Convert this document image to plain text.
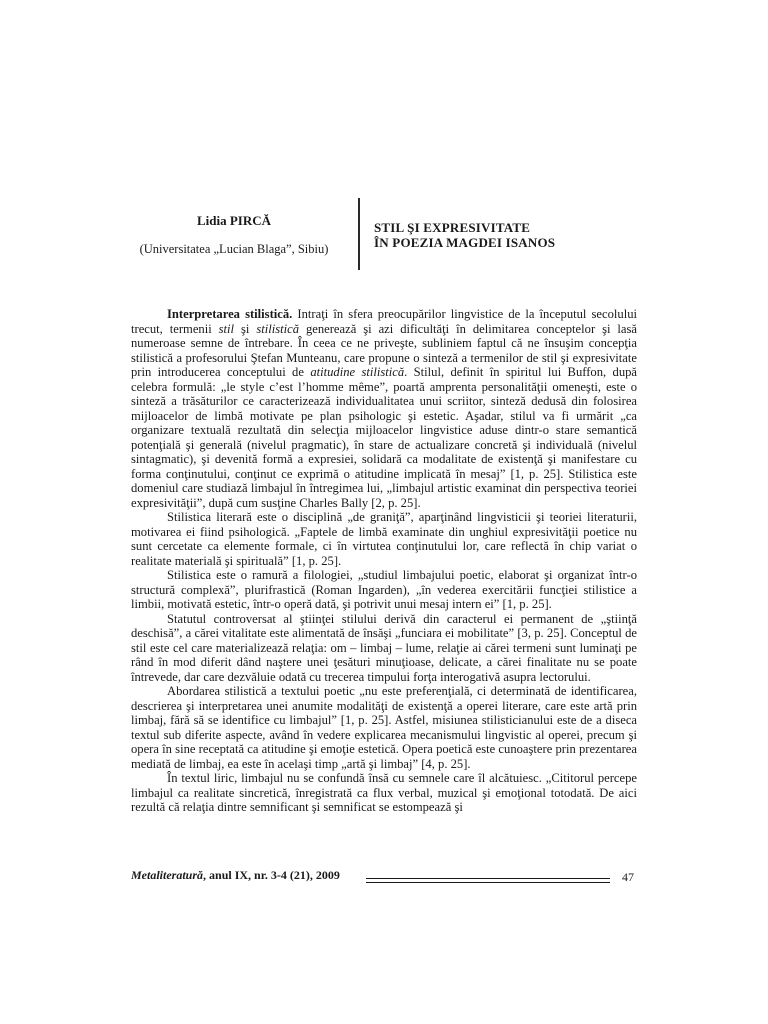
Lidia PIRCĂ
(Universitatea „Lucian Blaga”, Sibiu)
STIL ŞI EXPRESIVITATE
ÎN POEZIA MAGDEI ISANOS

Interpretarea stilistică. Intraţi în sfera preocupărilor lingvistice de la începutul secolului trecut, termenii stil şi stilistică generează şi azi dificultăţi în delimitarea conceptelor şi lasă numeroase semne de întrebare. În ceea ce ne priveşte, subliniem faptul că ne însuşim concepţia stilistică a profesorului Ştefan Munteanu, care propune o sinteză a termenilor de stil şi expresivitate prin introducerea conceptului de atitudine stilistică. Stilul, definit în spiritul lui Buffon, după celebra formulă: „le style c’est l’homme même”, poartă amprenta personalităţii omeneşti, este o sinteză a trăsăturilor ce caracterizează individualitatea unui scriitor, sinteză dedusă din folosirea mijloacelor de limbă motivate pe plan psihologic şi estetic. Aşadar, stilul va fi urmărit „ca organizare textuală rezultată din selecţia mijloacelor lingvistice aduse dintr-o stare semantică potenţială şi generală (nivelul pragmatic), în stare de actualizare concretă şi individuală (nivelul sintagmatic), şi devenită formă a expresiei, solidară ca modalitate de existenţă şi manifestare cu forma conţinutului, conţinut ce exprimă o atitudine implicată în mesaj” [1, p. 25]. Stilistica este domeniul care studiază limbajul în întregimea lui, „limbajul artistic examinat din perspectiva teoriei expresivităţii”, după cum susţine Charles Bally [2, p. 25].

Stilistica literară este o disciplină „de graniţă”, aparţinând lingvisticii şi teoriei literaturii, motivarea ei fiind psihologică. „Faptele de limbă examinate din unghiul expresivităţii poetice nu sunt cercetate ca elemente formale, ci în virtutea conţinutului lor, care reflectă în chip variat o realitate materială şi spirituală” [1, p. 25].

Stilistica este o ramură a filologiei, „studiul limbajului poetic, elaborat şi organizat într-o structură complexă”, plurifrastică (Roman Ingarden), „în vederea exercitării funcţiei stilistice a limbii, motivată estetic, într-o operă dată, şi potrivit unui mesaj intern ei” [1, p. 25].

Statutul controversat al ştiinţei stilului derivă din caracterul ei permanent de „ştiinţă deschisă”, a cărei vitalitate este alimentată de însăşi „funciara ei mobilitate” [3, p. 25]. Conceptul de stil este cel care materializează relaţia: om – limbaj – lume, relaţie ai cărei termeni sunt luminaţi pe rând în mod diferit dând naştere unei ţesături minuţioase, delicate, a cărei finalitate nu se poate întrevede, dar care dezvăluie odată cu trecerea timpului forţa interogativă asupra lectorului.

Abordarea stilistică a textului poetic „nu este preferenţială, ci determinată de identificarea, descrierea şi interpretarea unei anumite modalităţi de existenţă a operei literare, care este artă prin limbaj, fără să se identifice cu limbajul” [1, p. 25]. Astfel, misiunea stilisticianului este de a diseca textul sub diferite aspecte, având în vedere explicarea mecanismului lingvistic al operei, precum şi opera în sine receptată ca atitudine şi emoţie estetică. Opera poetică este cunoaştere prin prezentarea mediată de limbaj, ea este în acelaşi timp „artă şi limbaj” [4, p. 25].

În textul liric, limbajul nu se confundă însă cu semnele care îl alcătuiesc. „Cititorul percepe limbajul ca realitate sincretică, înregistrată ca flux verbal, muzical şi emoţional totodată. De aici rezultă că relaţia dintre semnificant şi semnificat se estompează şi

Metaliteratură, anul IX, nr. 3-4 (21), 2009	47
